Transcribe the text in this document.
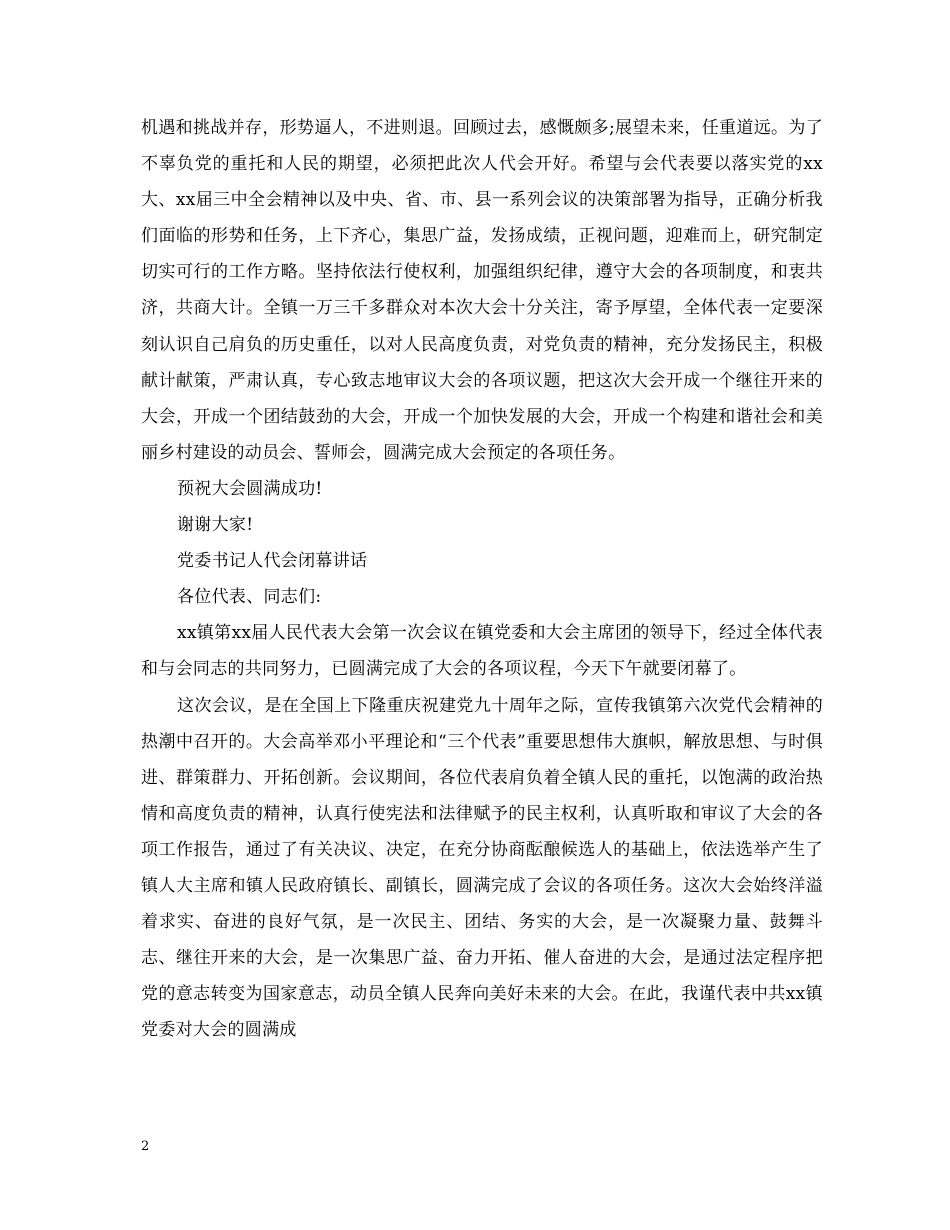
机遇和挑战并存，形势逼人，不进则退。回顾过去，感慨颇多;展望未来，任重道远。为了不辜负党的重托和人民的期望，必须把此次人代会开好。希望与会代表要以落实党的xx大、xx届三中全会精神以及中央、省、市、县一系列会议的决策部署为指导，正确分析我们面临的形势和任务，上下齐心，集思广益，发扬成绩，正视问题，迎难而上，研究制定切实可行的工作方略。坚持依法行使权利，加强组织纪律，遵守大会的各项制度，和衷共济，共商大计。全镇一万三千多群众对本次大会十分关注，寄予厚望，全体代表一定要深刻认识自己肩负的历史重任，以对人民高度负责，对党负责的精神，充分发扬民主，积极献计献策，严肃认真，专心致志地审议大会的各项议题，把这次大会开成一个继往开来的大会，开成一个团结鼓劲的大会，开成一个加快发展的大会，开成一个构建和谐社会和美丽乡村建设的动员会、誓师会，圆满完成大会预定的各项任务。

预祝大会圆满成功!

谢谢大家!

党委书记人代会闭幕讲话

各位代表、同志们:

xx镇第xx届人民代表大会第一次会议在镇党委和大会主席团的领导下，经过全体代表和与会同志的共同努力，已圆满完成了大会的各项议程，今天下午就要闭幕了。

这次会议，是在全国上下隆重庆祝建党九十周年之际，宣传我镇第六次党代会精神的热潮中召开的。大会高举邓小平理论和“三个代表”重要思想伟大旗帜，解放思想、与时俱进、群策群力、开拓创新。会议期间，各位代表肩负着全镇人民的重托，以饱满的政治热情和高度负责的精神，认真行使宪法和法律赋予的民主权利，认真听取和审议了大会的各项工作报告，通过了有关决议、决定，在充分协商酝酿候选人的基础上，依法选举产生了镇人大主席和镇人民政府镇长、副镇长，圆满完成了会议的各项任务。这次大会始终洋溢着求实、奋进的良好气氛，是一次民主、团结、务实的大会，是一次凝聚力量、鼓舞斗志、继往开来的大会，是一次集思广益、奋力开拓、催人奋进的大会，是通过法定程序把党的意志转变为国家意志，动员全镇人民奔向美好未来的大会。在此，我谨代表中共xx镇党委对大会的圆满成

2
